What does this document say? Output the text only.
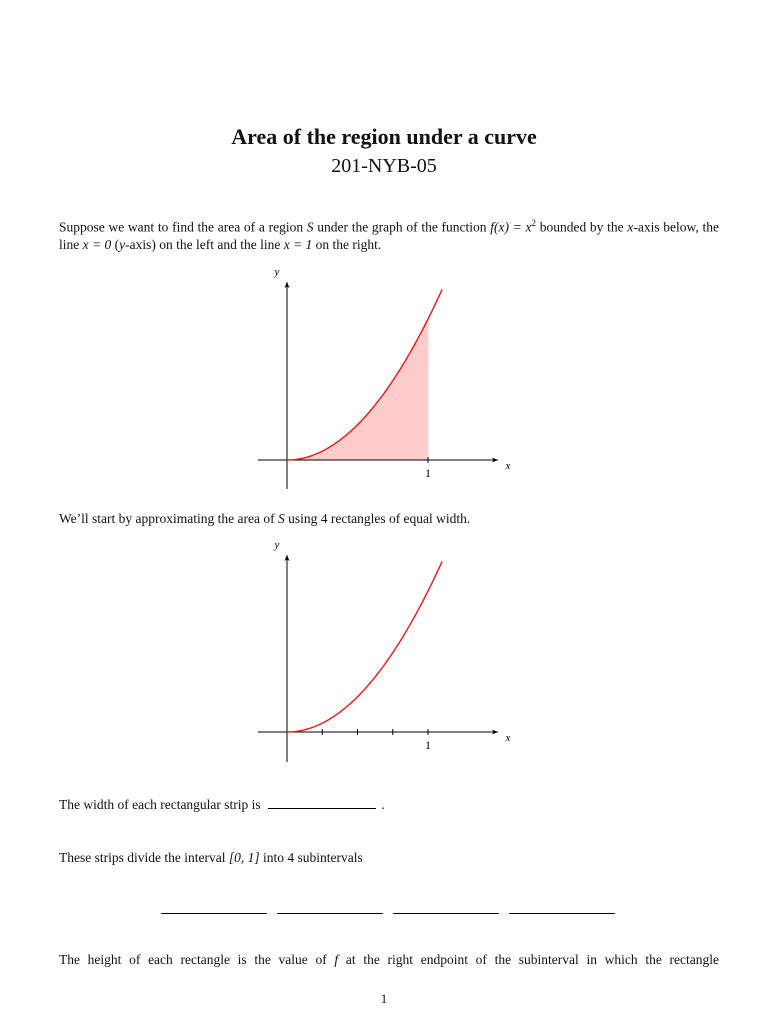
Area of the region under a curve
201-NYB-05
Suppose we want to find the area of a region S under the graph of the function $f(x) = x^2$ bounded by the x-axis below, the line x = 0 (y-axis) on the left and the line x = 1 on the right.
We’ll start by approximating the area of S using 4 rectangles of equal width.
The width of each rectangular strip is	.
These strips divide the interval [0, 1] into 4 subintervals
The height of each rectangle is the value of f at the right endpoint of the subinterval in which the rectangle
1
1	x
y
1	x
y
